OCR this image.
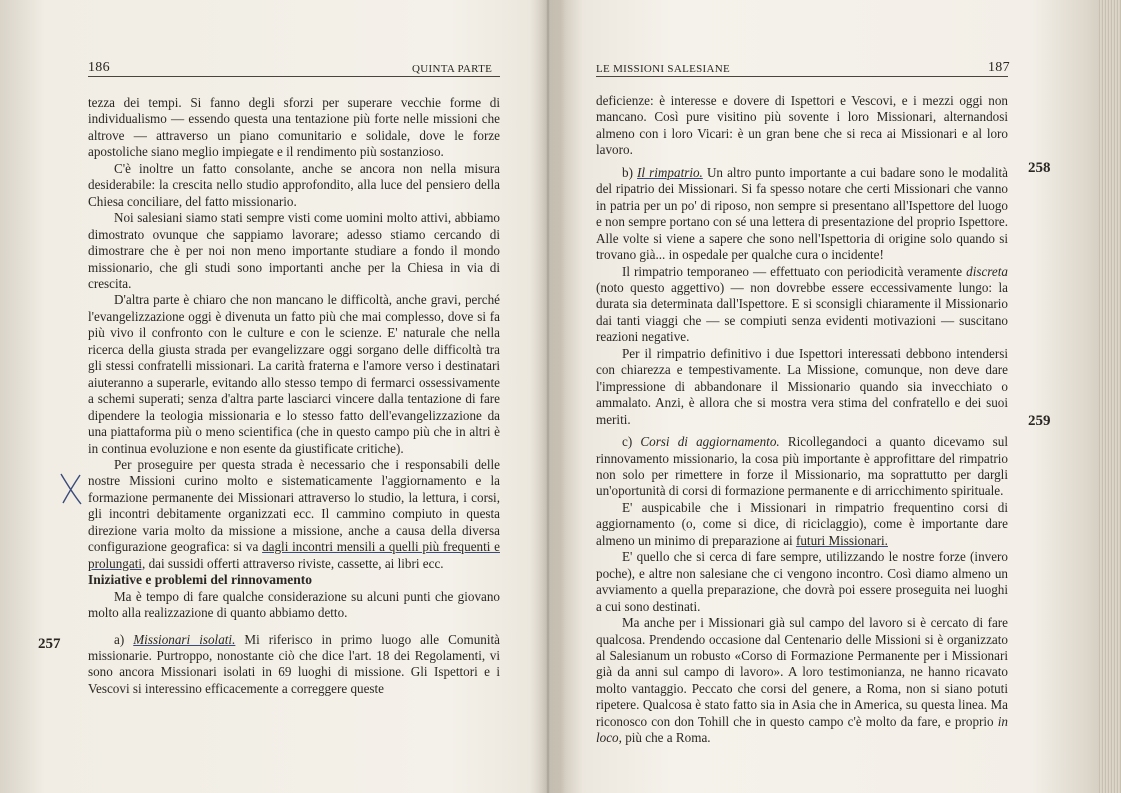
186	QUINTA PARTE
257

tezza dei tempi. Si fanno degli sforzi per superare vecchie forme di individualismo — essendo questa una tentazione più forte nelle missioni che altrove — attraverso un piano comunitario e solidale, dove le forze apostoliche siano meglio impiegate e il rendimento più sostanzioso.

C'è inoltre un fatto consolante, anche se ancora non nella misura desiderabile: la crescita nello studio approfondito, alla luce del pensiero della Chiesa conciliare, del fatto missionario.

Noi salesiani siamo stati sempre visti come uomini molto attivi, abbiamo dimostrato ovunque che sappiamo lavorare; adesso stiamo cercando di dimostrare che è per noi non meno importante studiare a fondo il mondo missionario, che gli studi sono importanti anche per la Chiesa in via di crescita.

D'altra parte è chiaro che non mancano le difficoltà, anche gravi, perché l'evangelizzazione oggi è divenuta un fatto più che mai complesso, dove si fa più vivo il confronto con le culture e con le scienze. E' naturale che nella ricerca della giusta strada per evangelizzare oggi sorgano delle difficoltà tra gli stessi confratelli missionari. La carità fraterna e l'amore verso i destinatari aiuteranno a superarle, evitando allo stesso tempo di fermarci ossessivamente a schemi superati; senza d'altra parte lasciarci vincere dalla tentazione di fare dipendere la teologia missionaria e lo stesso fatto dell'evangelizzazione da una piattaforma più o meno scientifica (che in questo campo più che in altri è in continua evoluzione e non esente da giustificate critiche).

Per proseguire per questa strada è necessario che i responsabili delle nostre Missioni curino molto e sistematicamente l'aggiornamento e la formazione permanente dei Missionari attraverso lo studio, la lettura, i corsi, gli incontri debitamente organizzati ecc. Il cammino compiuto in questa direzione varia molto da missione a missione, anche a causa della diversa configurazione geografica: si va dagli incontri mensili a quelli più frequenti e prolungati, dai sussidi offerti attraverso riviste, cassette, ai libri ecc.

Iniziative e problemi del rinnovamento

Ma è tempo di fare qualche considerazione su alcuni punti che giovano molto alla realizzazione di quanto abbiamo detto.

a) Missionari isolati. Mi riferisco in primo luogo alle Comunità missionarie. Purtroppo, nonostante ciò che dice l'art. 18 dei Regolamenti, vi sono ancora Missionari isolati in 69 luoghi di missione. Gli Ispettori e i Vescovi si interessino efficacemente a correggere queste

LE MISSIONI SALESIANE	187
258
259

deficienze: è interesse e dovere di Ispettori e Vescovi, e i mezzi oggi non mancano. Così pure visitino più sovente i loro Missionari, alternandosi almeno con i loro Vicari: è un gran bene che si reca ai Missionari e al loro lavoro.

b) Il rimpatrio. Un altro punto importante a cui badare sono le modalità del ripatrio dei Missionari. Si fa spesso notare che certi Missionari che vanno in patria per un po' di riposo, non sempre si presentano all'Ispettore del luogo e non sempre portano con sé una lettera di presentazione del proprio Ispettore. Alle volte si viene a sapere che sono nell'Ispettoria di origine solo quando si trovano già... in ospedale per qualche cura o incidente!

Il rimpatrio temporaneo — effettuato con periodicità veramente discreta (noto questo aggettivo) — non dovrebbe essere eccessivamente lungo: la durata sia determinata dall'Ispettore. E si sconsigli chiaramente il Missionario dai tanti viaggi che — se compiuti senza evidenti motivazioni — suscitano reazioni negative.

Per il rimpatrio definitivo i due Ispettori interessati debbono intendersi con chiarezza e tempestivamente. La Missione, comunque, non deve dare l'impressione di abbandonare il Missionario quando sia invecchiato o ammalato. Anzi, è allora che si mostra vera stima del confratello e dei suoi meriti.

c) Corsi di aggiornamento. Ricollegandoci a quanto dicevamo sul rinnovamento missionario, la cosa più importante è approfittare del rimpatrio non solo per rimettere in forze il Missionario, ma soprattutto per dargli un'oportunità di corsi di formazione permanente e di arricchimento spirituale.

E' auspicabile che i Missionari in rimpatrio frequentino corsi di aggiornamento (o, come si dice, di riciclaggio), come è importante dare almeno un minimo di preparazione ai futuri Missionari.

E' quello che si cerca di fare sempre, utilizzando le nostre forze (invero poche), e altre non salesiane che ci vengono incontro. Così diamo almeno un avviamento a quella preparazione, che dovrà poi essere proseguita nei luoghi a cui sono destinati.

Ma anche per i Missionari già sul campo del lavoro si è cercato di fare qualcosa. Prendendo occasione dal Centenario delle Missioni si è organizzato al Salesianum un robusto «Corso di Formazione Permanente per i Missionari già da anni sul campo di lavoro». A loro testimonianza, ne hanno ricavato molto vantaggio. Peccato che corsi del genere, a Roma, non si siano potuti ripetere. Qualcosa è stato fatto sia in Asia che in America, su questa linea. Ma riconosco con don Tohill che in questo campo c'è molto da fare, e proprio in loco, più che a Roma.
